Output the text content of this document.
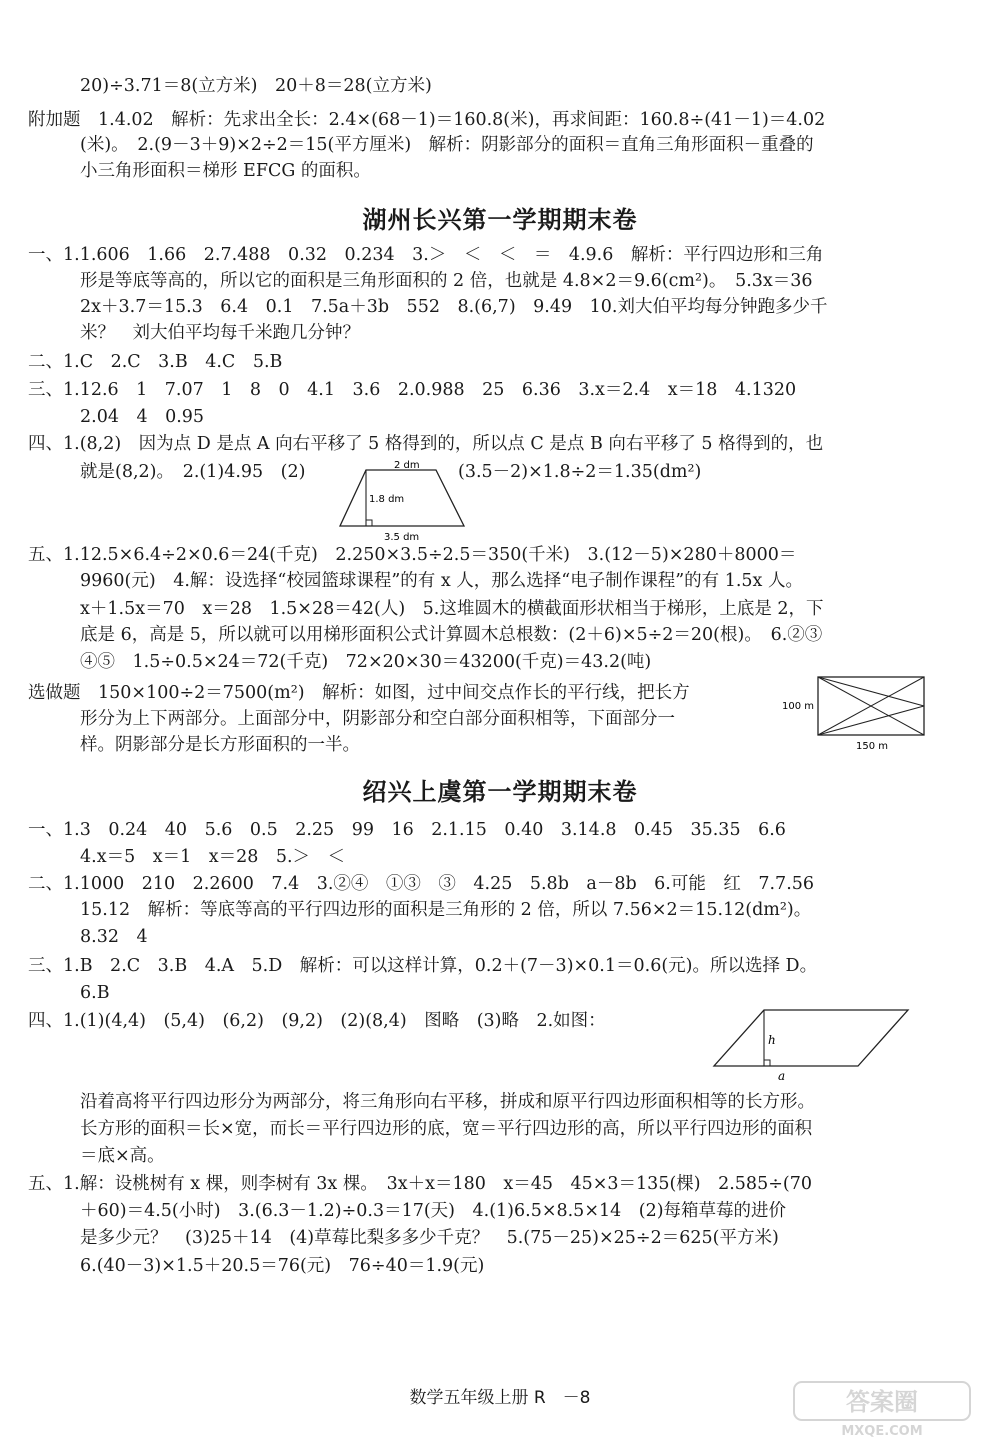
20)÷3.71＝8(立方米)　20＋8＝28(立方米)
附加题　1.4.02　解析：先求出全长：2.4×(68－1)＝160.8(米)，再求间距：160.8÷(41－1)＝4.02
(米)。　2.(9－3＋9)×2÷2＝15(平方厘米)　解析：阴影部分的面积＝直角三角形面积－重叠的
小三角形面积＝梯形 EFCG 的面积。
湖州长兴第一学期期末卷
一、1.1.606　1.66　2.7.488　0.32　0.234　3.＞　＜　＜　＝　4.9.6　解析：平行四边形和三角
形是等底等高的，所以它的面积是三角形面积的 2 倍，也就是 4.8×2＝9.6(cm²)。　5.3x＝36
2x＋3.7＝15.3　6.4　0.1　7.5a＋3b　552　8.(6,7)　9.49　10.刘大伯平均每分钟跑多少千
米？　刘大伯平均每千米跑几分钟？
二、1.C　2.C　3.B　4.C　5.B
三、1.12.6　1　7.07　1　8　0　4.1　3.6　2.0.988　25　6.36　3.x＝2.4　x＝18　4.1320
2.04　4　0.95
四、1.(8,2)　因为点 D 是点 A 向右平移了 5 格得到的，所以点 C 是点 B 向右平移了 5 格得到的，也
就是(8,2)。　2.(1)4.95　(2)	(3.5－2)×1.8÷2＝1.35(dm²)
2 dm
1.8 dm
3.5 dm
五、1.12.5×6.4÷2×0.6＝24(千克)　2.250×3.5÷2.5＝350(千米)　3.(12－5)×280＋8000＝
9960(元)　4.解：设选择“校园篮球课程”的有 x 人，那么选择“电子制作课程”的有 1.5x 人。
x＋1.5x＝70　x＝28　1.5×28＝42(人)　5.这堆圆木的横截面形状相当于梯形，上底是 2，下
底是 6，高是 5，所以就可以用梯形面积公式计算圆木总根数：(2＋6)×5÷2＝20(根)。　6.②③
④⑤　1.5÷0.5×24＝72(千克)　72×20×30＝43200(千克)＝43.2(吨)
选做题　150×100÷2＝7500(m²)　解析：如图，过中间交点作长的平行线，把长方
形分为上下两部分。上面部分中，阴影部分和空白部分面积相等，下面部分一
样。阴影部分是长方形面积的一半。
100 m
150 m
绍兴上虞第一学期期末卷
一、1.3　0.24　40　5.6　0.5　2.25　99　16　2.1.15　0.40　3.14.8　0.45　35.35　6.6
4.x＝5　x＝1　x＝28　5.＞　＜
二、1.1000　210　2.2600　7.4　3.②④　①③　③　4.25　5.8b　a－8b　6.可能　红　7.7.56
15.12　解析：等底等高的平行四边形的面积是三角形的 2 倍，所以 7.56×2＝15.12(dm²)。
8.32　4
三、1.B　2.C　3.B　4.A　5.D　解析：可以这样计算，0.2＋(7－3)×0.1＝0.6(元)。所以选择 D。
6.B
四、1.(1)(4,4)　(5,4)　(6,2)　(9,2)　(2)(8,4)　图略　(3)略　2.如图：
h
a
沿着高将平行四边形分为两部分，将三角形向右平移，拼成和原平行四边形面积相等的长方形。
长方形的面积＝长×宽，而长＝平行四边形的底，宽＝平行四边形的高，所以平行四边形的面积
＝底×高。
五、1.解：设桃树有 x 棵，则李树有 3x 棵。　3x＋x＝180　x＝45　45×3＝135(棵)　2.585÷(70
＋60)＝4.5(小时)　3.(6.3－1.2)÷0.3＝17(天)　4.(1)6.5×8.5×14　(2)每箱草莓的进价
是多少元？　(3)25＋14　(4)草莓比梨多多少千克？　5.(75－25)×25÷2＝625(平方米)
6.(40－3)×1.5＋20.5＝76(元)　76÷40＝1.9(元)
数学五年级上册 R　－8	答案圈
MXQE.COM
